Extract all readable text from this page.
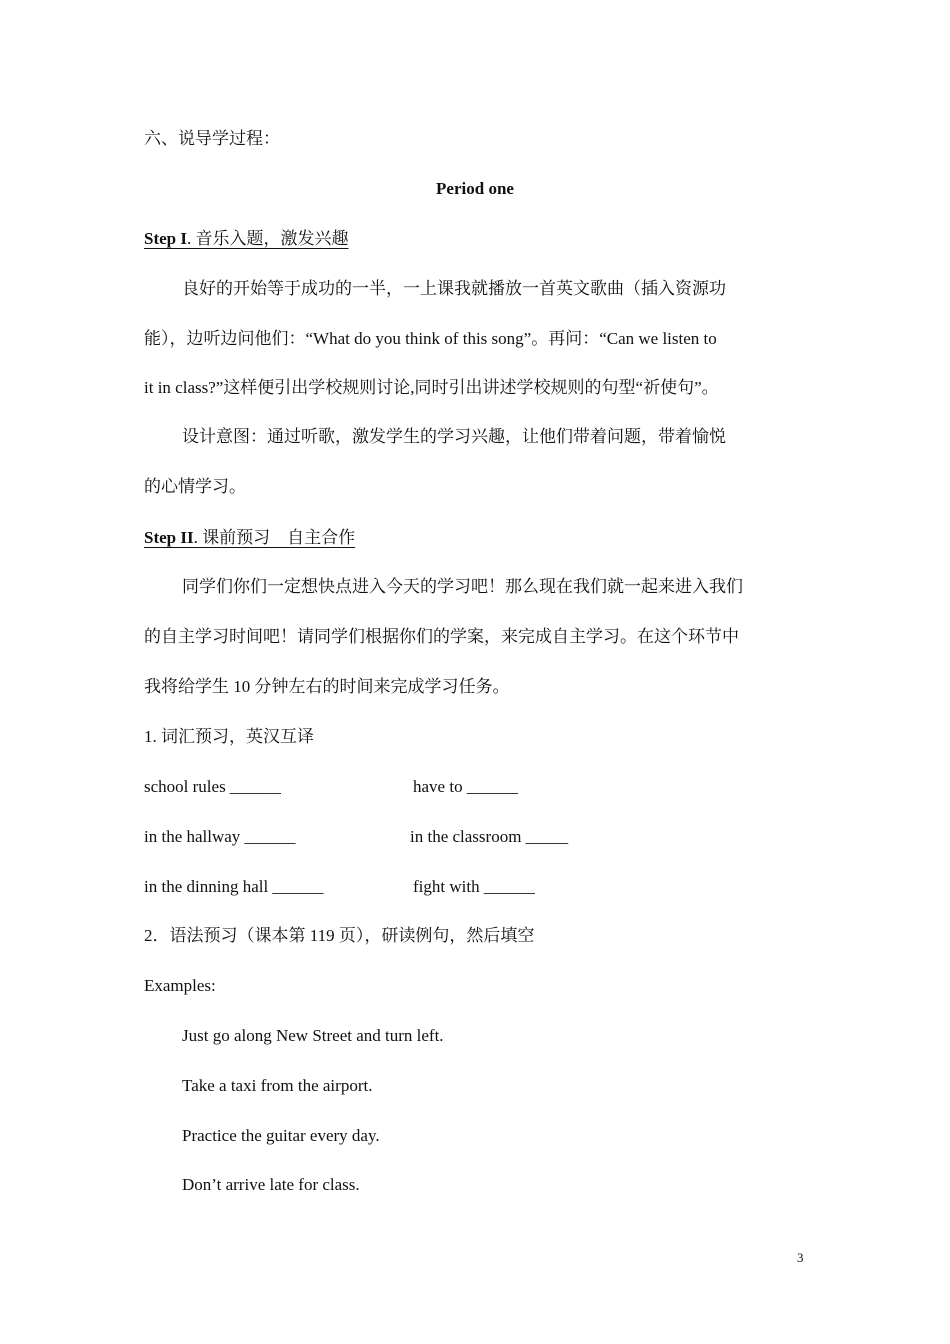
六、说导学过程：
Period one
Step I. 音乐入题，激发兴趣
良好的开始等于成功的一半，一上课我就播放一首英文歌曲（插入资源功
能），边听边问他们：“What do you think of this song”。再问：“Can we listen to
it in class?”这样便引出学校规则讨论,同时引出讲述学校规则的句型“祈使句”。
设计意图：通过听歌，激发学生的学习兴趣，让他们带着问题，带着愉悦
的心情学习。
Step II. 课前预习　自主合作
同学们你们一定想快点进入今天的学习吧！那么现在我们就一起来进入我们
的自主学习时间吧！请同学们根据你们的学案，来完成自主学习。在这个环节中
我将给学生 10 分钟左右的时间来完成学习任务。
1. 词汇预习，英汉互译
school rules ______	have to ______
in the hallway ______	in the classroom _____
in the dinning hall ______	fight with ______
2．语法预习（课本第 119 页），研读例句，然后填空
Examples:
Just go along New Street and turn left.
Take a taxi from the airport.
Practice the guitar every day.
Don’t arrive late for class.
3
